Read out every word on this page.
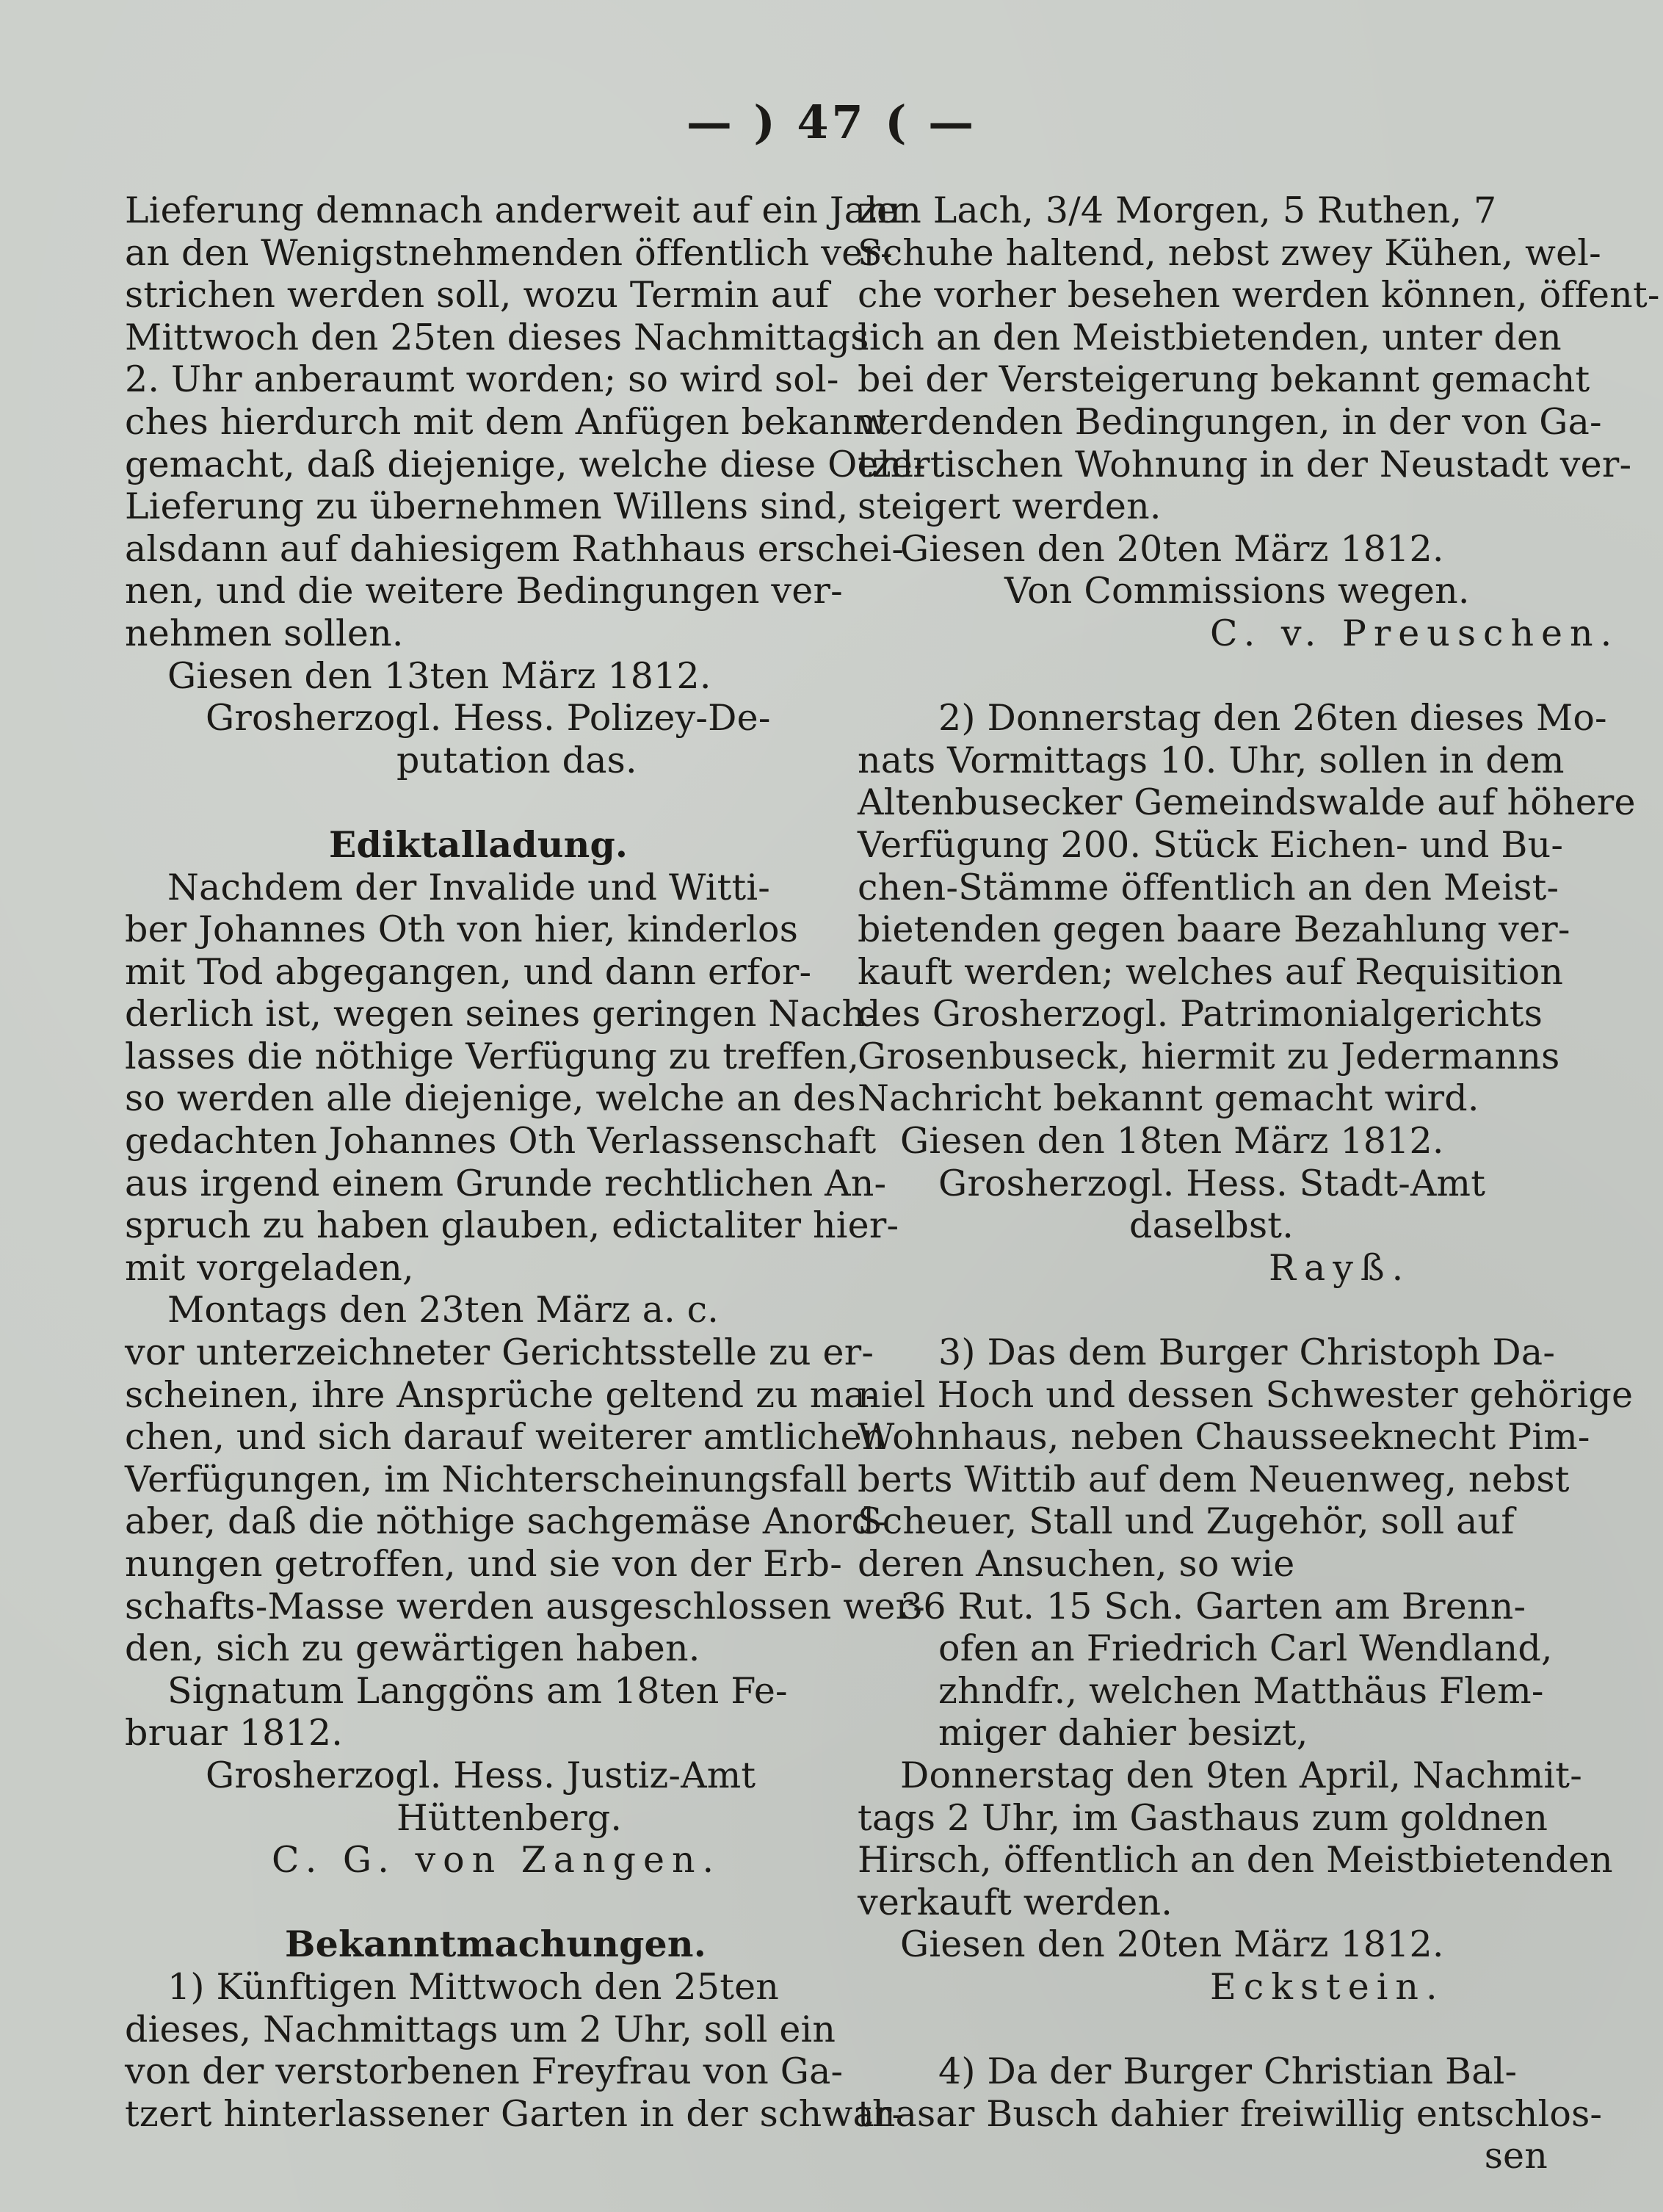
— ) 47 ( —
Lieferung demnach anderweit auf ein Jahr
an den Wenigstnehmenden öffentlich ver-
strichen werden soll, wozu Termin auf
Mittwoch den 25ten dieses Nachmittags
2. Uhr anberaumt worden; so wird sol-
ches hierdurch mit dem Anfügen bekannt
gemacht, daß diejenige, welche diese Oehl-
Lieferung zu übernehmen Willens sind,
alsdann auf dahiesigem Rathhaus erschei-
nen, und die weitere Bedingungen ver-
nehmen sollen.
Giesen den 13ten März 1812.
Grosherzogl. Hess. Polizey-De-
putation das.
Ediktalladung.
Nachdem der Invalide und Witti-
ber Johannes Oth von hier, kinderlos
mit Tod abgegangen, und dann erfor-
derlich ist, wegen seines geringen Nach-
lasses die nöthige Verfügung zu treffen,
so werden alle diejenige, welche an des
gedachten Johannes Oth Verlassenschaft
aus irgend einem Grunde rechtlichen An-
spruch zu haben glauben, edictaliter hier-
mit vorgeladen,
Montags den 23ten März a. c.
vor unterzeichneter Gerichtsstelle zu er-
scheinen, ihre Ansprüche geltend zu ma-
chen, und sich darauf weiterer amtlichen
Verfügungen, im Nichterscheinungsfall
aber, daß die nöthige sachgemäse Anord-
nungen getroffen, und sie von der Erb-
schafts-Masse werden ausgeschlossen wer-
den, sich zu gewärtigen haben.
Signatum Langgöns am 18ten Fe-
bruar 1812.
Grosherzogl. Hess. Justiz-Amt
Hüttenberg.
C. G. von Zangen.
Bekanntmachungen.
1) Künftigen Mittwoch den 25ten
dieses, Nachmittags um 2 Uhr, soll ein
von der verstorbenen Freyfrau von Ga-
tzert hinterlassener Garten in der schwar-
zen Lach, 3/4 Morgen, 5 Ruthen, 7
Schuhe haltend, nebst zwey Kühen, wel-
che vorher besehen werden können, öffent-
lich an den Meistbietenden, unter den
bei der Versteigerung bekannt gemacht
werdenden Bedingungen, in der von Ga-
tzertischen Wohnung in der Neustadt ver-
steigert werden.
Giesen den 20ten März 1812.
Von Commissions wegen.
C. v. Preuschen.
2) Donnerstag den 26ten dieses Mo-
nats Vormittags 10. Uhr, sollen in dem
Altenbusecker Gemeindswalde auf höhere
Verfügung 200. Stück Eichen- und Bu-
chen-Stämme öffentlich an den Meist-
bietenden gegen baare Bezahlung ver-
kauft werden; welches auf Requisition
des Grosherzogl. Patrimonialgerichts
Grosenbuseck, hiermit zu Jedermanns
Nachricht bekannt gemacht wird.
Giesen den 18ten März 1812.
Grosherzogl. Hess. Stadt-Amt
daselbst.
Rayß.
3) Das dem Burger Christoph Da-
niel Hoch und dessen Schwester gehörige
Wohnhaus, neben Chausseeknecht Pim-
berts Wittib auf dem Neuenweg, nebst
Scheuer, Stall und Zugehör, soll auf
deren Ansuchen, so wie
36 Rut. 15 Sch. Garten am Brenn-
ofen an Friedrich Carl Wendland,
zhndfr., welchen Matthäus Flem-
miger dahier besizt,
Donnerstag den 9ten April, Nachmit-
tags 2 Uhr, im Gasthaus zum goldnen
Hirsch, öffentlich an den Meistbietenden
verkauft werden.
Giesen den 20ten März 1812.
Eckstein.
4) Da der Burger Christian Bal-
thasar Busch dahier freiwillig entschlos-
sen
